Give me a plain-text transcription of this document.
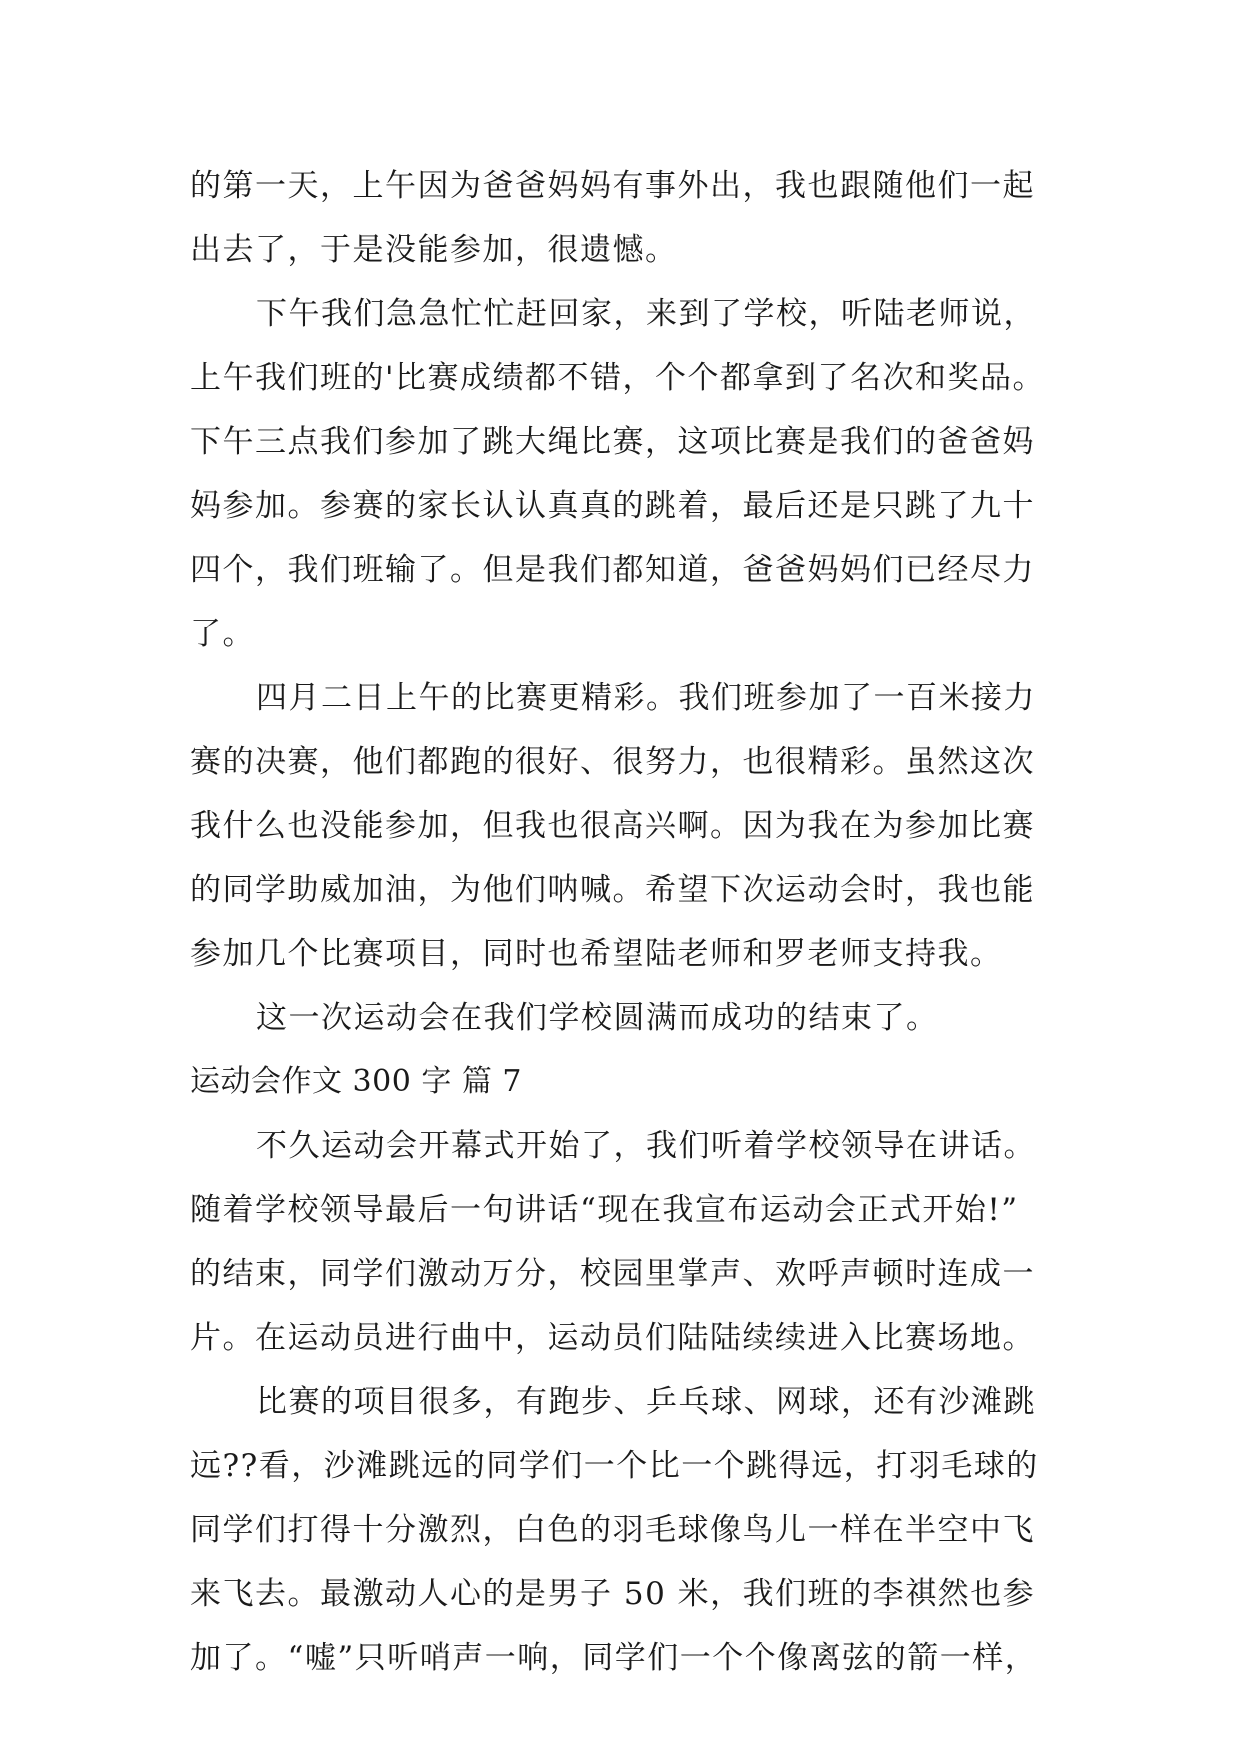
的第一天，上午因为爸爸妈妈有事外出，我也跟随他们一起
出去了，于是没能参加，很遗憾。
下午我们急急忙忙赶回家，来到了学校，听陆老师说，
上午我们班的'比赛成绩都不错，个个都拿到了名次和奖品。
下午三点我们参加了跳大绳比赛，这项比赛是我们的爸爸妈
妈参加。参赛的家长认认真真的跳着，最后还是只跳了九十
四个，我们班输了。但是我们都知道，爸爸妈妈们已经尽力
了。
四月二日上午的比赛更精彩。我们班参加了一百米接力
赛的决赛，他们都跑的很好、很努力，也很精彩。虽然这次
我什么也没能参加，但我也很高兴啊。因为我在为参加比赛
的同学助威加油，为他们呐喊。希望下次运动会时，我也能
参加几个比赛项目，同时也希望陆老师和罗老师支持我。
这一次运动会在我们学校圆满而成功的结束了。
运动会作文 300 字 篇 7
不久运动会开幕式开始了，我们听着学校领导在讲话。
随着学校领导最后一句讲话“现在我宣布运动会正式开始!”
的结束，同学们激动万分，校园里掌声、欢呼声顿时连成一
片。在运动员进行曲中，运动员们陆陆续续进入比赛场地。
比赛的项目很多，有跑步、乒乓球、网球，还有沙滩跳
远??看，沙滩跳远的同学们一个比一个跳得远，打羽毛球的
同学们打得十分激烈，白色的羽毛球像鸟儿一样在半空中飞
来飞去。最激动人心的是男子 50 米，我们班的李祺然也参
加了。“嘘”只听哨声一响，同学们一个个像离弦的箭一样，
